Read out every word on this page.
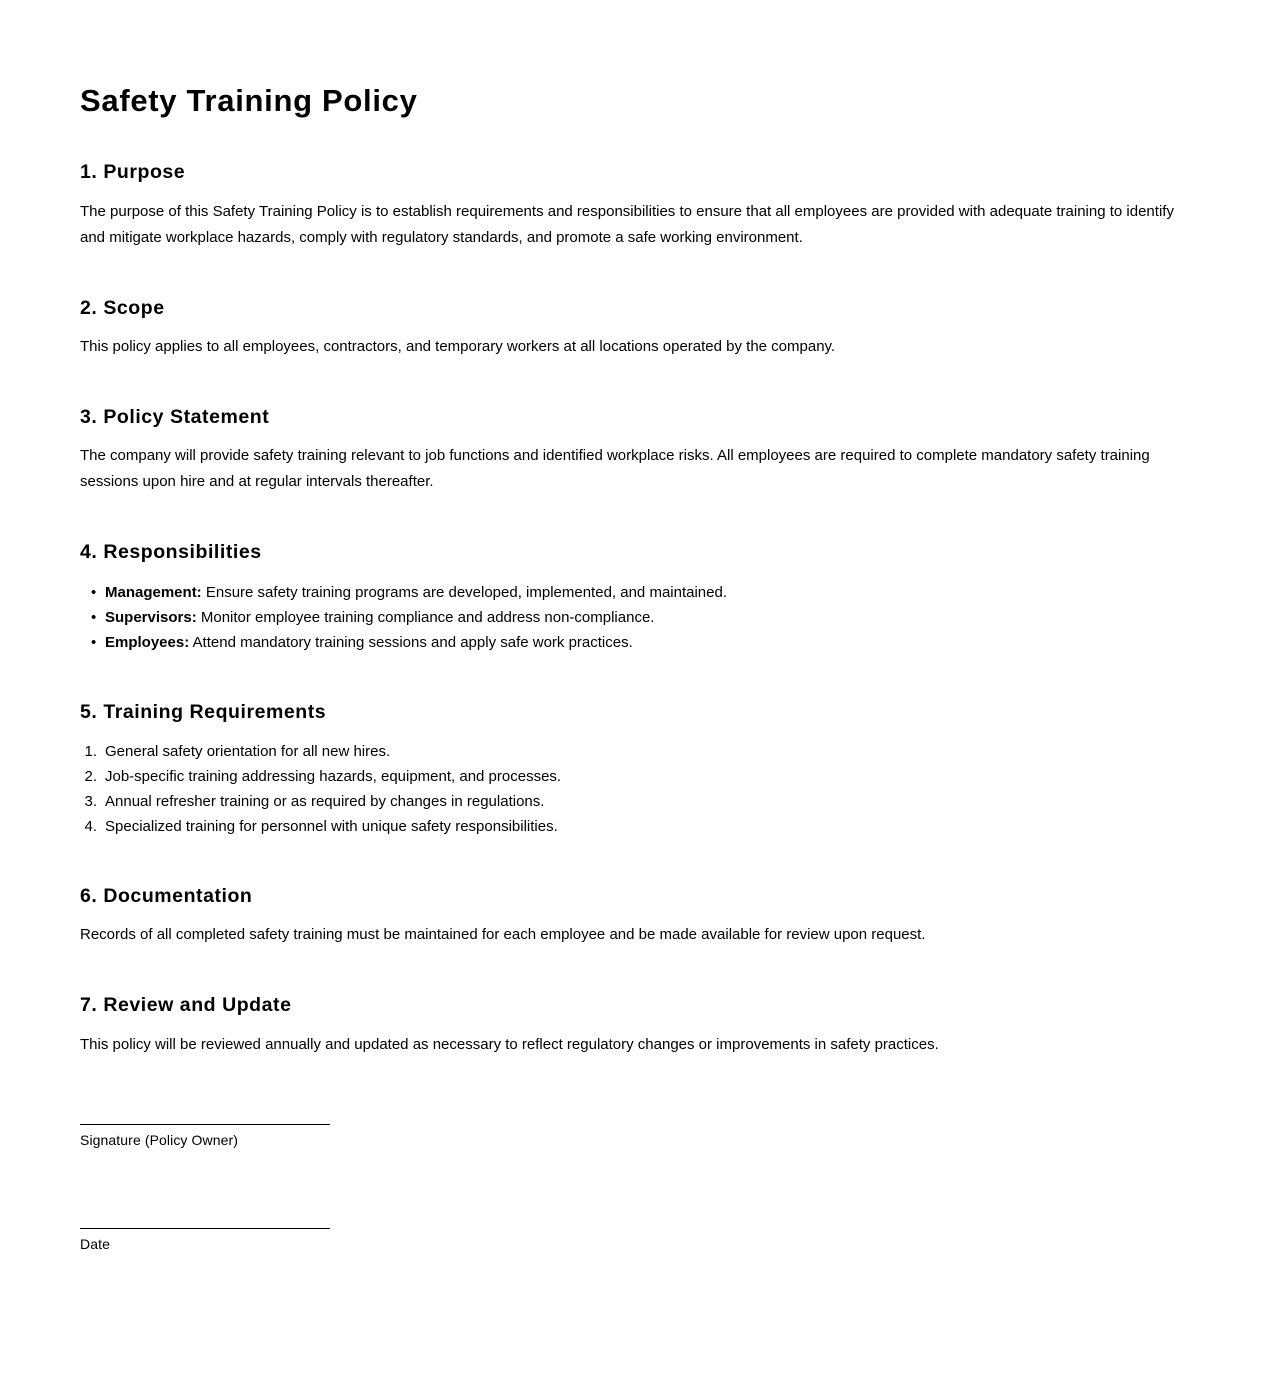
Safety Training Policy
1. Purpose

The purpose of this Safety Training Policy is to establish requirements and responsibilities to ensure that all employees are provided with adequate training to identify and mitigate workplace hazards, comply with regulatory standards, and promote a safe working environment.

2. Scope

This policy applies to all employees, contractors, and temporary workers at all locations operated by the company.

3. Policy Statement

The company will provide safety training relevant to job functions and identified workplace risks. All employees are required to complete mandatory safety training sessions upon hire and at regular intervals thereafter.

4. Responsibilities
• Management: Ensure safety training programs are developed, implemented, and maintained.
• Supervisors: Monitor employee training compliance and address non-compliance.
• Employees: Attend mandatory training sessions and apply safe work practices.
5. Training Requirements
General safety orientation for all new hires.
Job-specific training addressing hazards, equipment, and processes.
Annual refresher training or as required by changes in regulations.
Specialized training for personnel with unique safety responsibilities.
6. Documentation

Records of all completed safety training must be maintained for each employee and be made available for review upon request.

7. Review and Update

This policy will be reviewed annually and updated as necessary to reflect regulatory changes or improvements in safety practices.

Signature (Policy Owner)
Date
